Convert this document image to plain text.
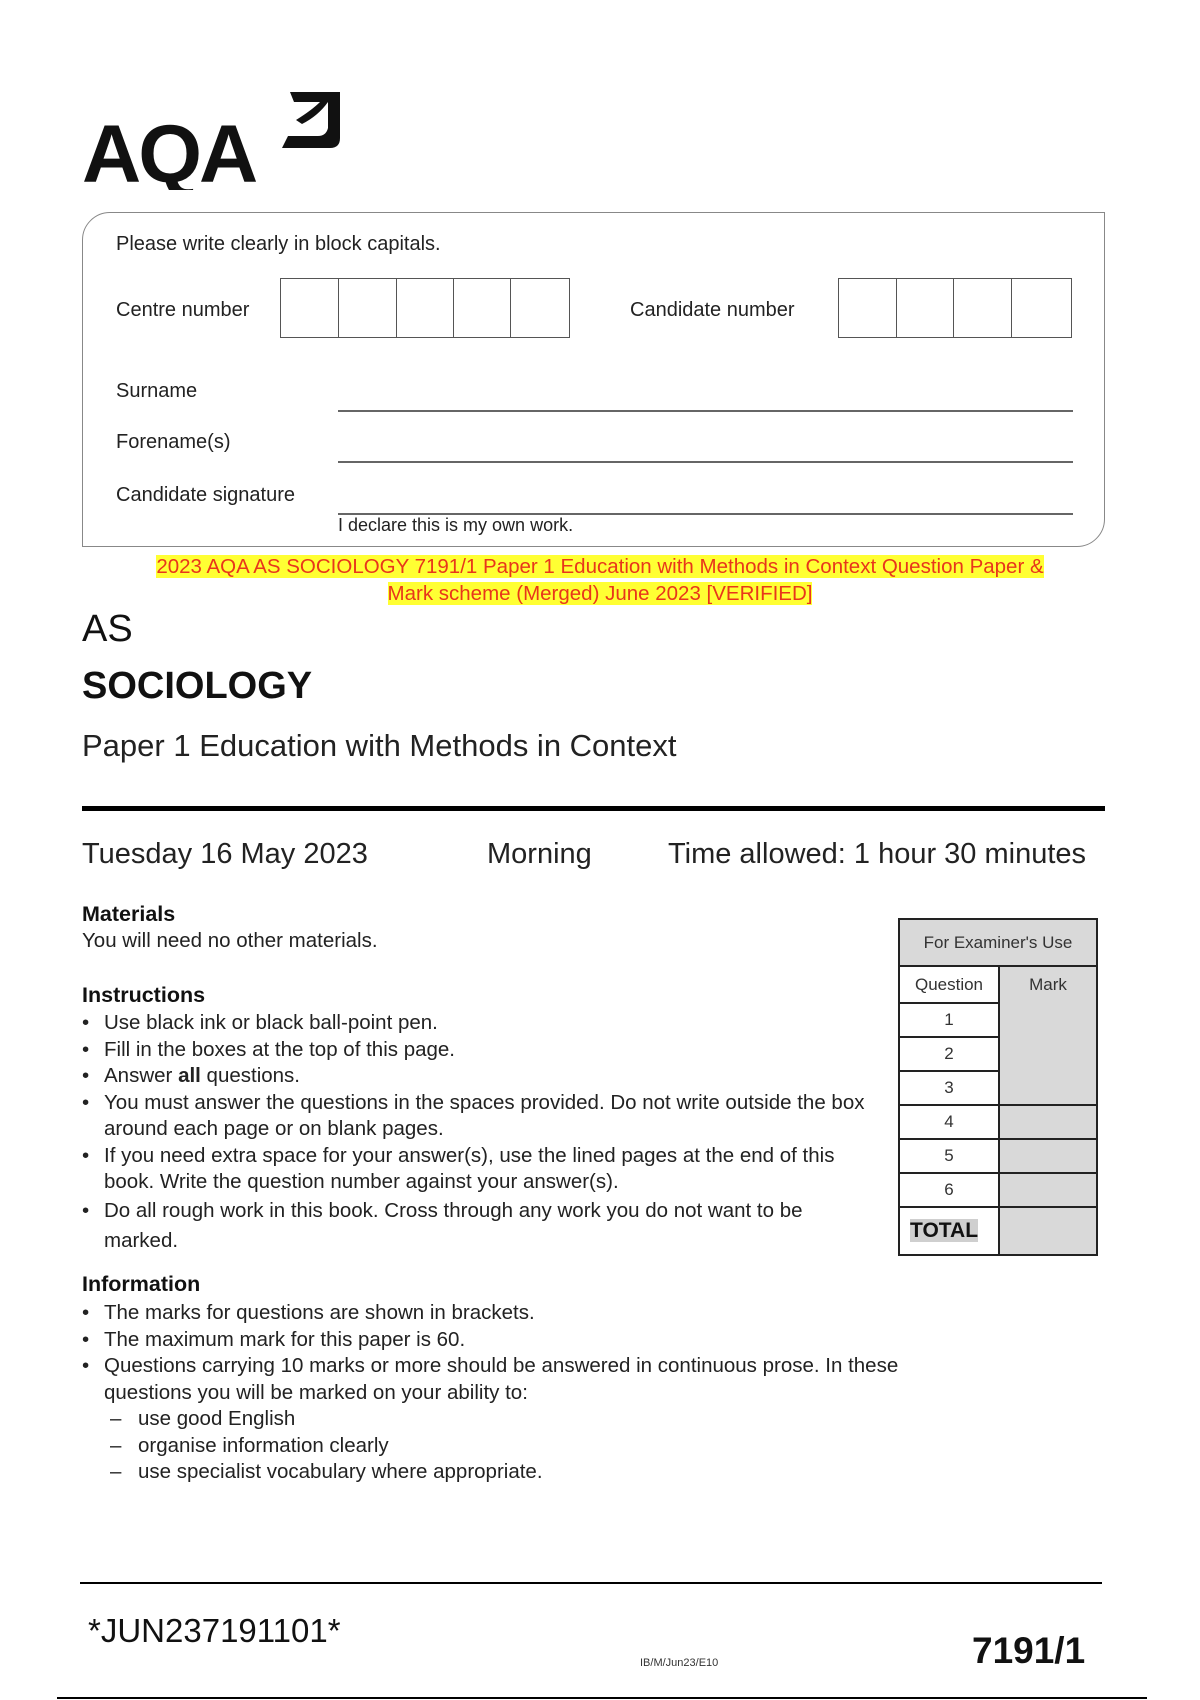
AQA
Please write clearly in block capitals.
Centre number	Candidate number
Surname
Forename(s)
Candidate signature
I declare this is my own work.
2023 AQA AS SOCIOLOGY 7191/1 Paper 1 Education with Methods in Context Question Paper &
Mark scheme (Merged) June 2023 [VERIFIED]
AS
SOCIOLOGY
Paper 1 Education with Methods in Context
Tuesday 16 May 2023	Morning	Time allowed: 1 hour 30 minutes
Materials
You will need no other materials.
Instructions
• Use black ink or black ball-point pen.
• Fill in the boxes at the top of this page.
• Answer all questions.
• You must answer the questions in the spaces provided. Do not write outside the box around each page or on blank pages.
• If you need extra space for your answer(s), use the lined pages at the end of this book. Write the question number against your answer(s).
• Do all rough work in this book. Cross through any work you do not want to be marked.
Information
• The marks for questions are shown in brackets.
• The maximum mark for this paper is 60.
• Questions carrying 10 marks or more should be answered in continuous prose. In these questions you will be marked on your ability to:
– use good English
– organise information clearly
– use specialist vocabulary where appropriate.
For Examiner's Use	
Question	Mark
1	
2	
3	
4	
5	
6	
TOTAL	
*JUN237191101*
IB/M/Jun23/E10	7191/1
